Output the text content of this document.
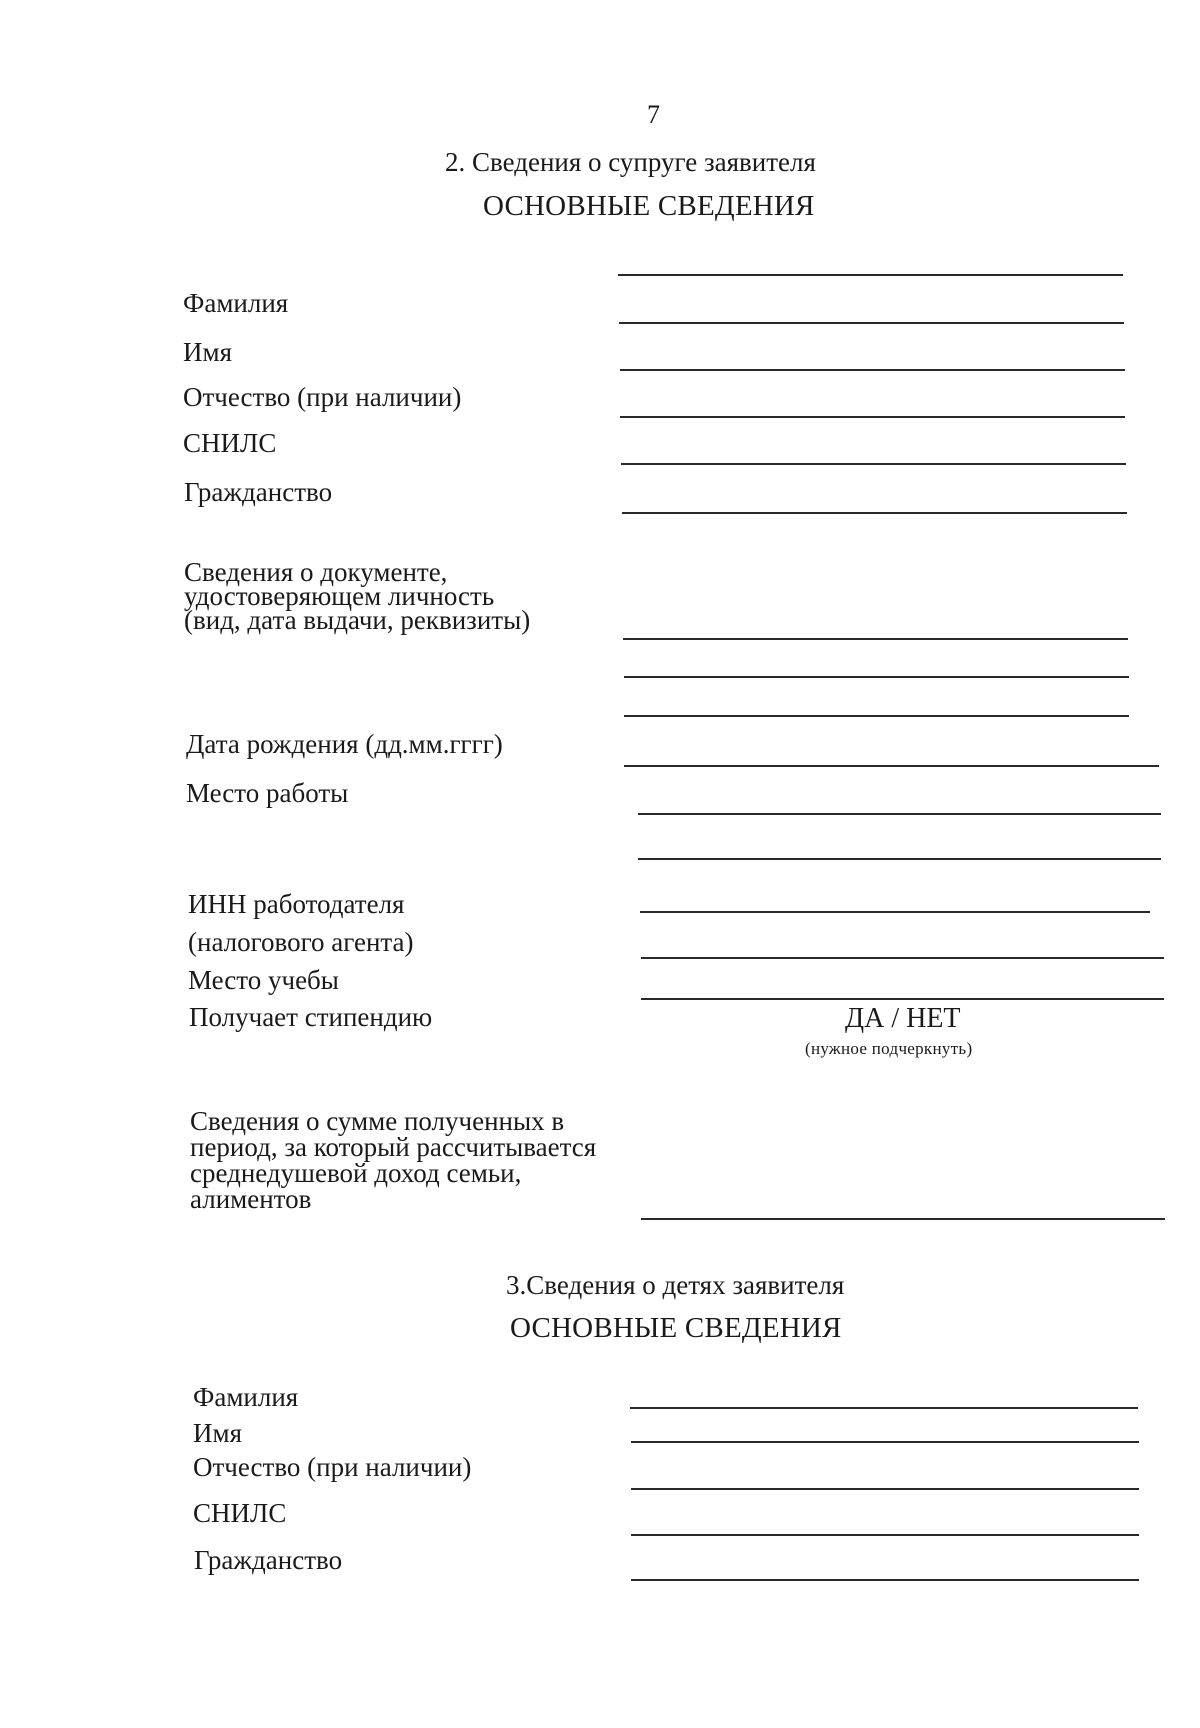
7
2. Сведения о супруге заявителя
ОСНОВНЫЕ СВЕДЕНИЯ
Фамилия
Имя
Отчество (при наличии)
СНИЛС
Гражданство
Сведения о документе,
удостоверяющем личность
(вид, дата выдачи, реквизиты)
Дата рождения (дд.мм.гггг)
Место работы
ИНН работодателя
(налогового агента)
Место учебы
Получает стипендию	ДА / НЕТ
(нужное подчеркнуть)
Сведения о сумме полученных в
период, за который рассчитывается
среднедушевой доход семьи,
алиментов
3.Сведения о детях заявителя
ОСНОВНЫЕ СВЕДЕНИЯ
Фамилия
Имя
Отчество (при наличии)
СНИЛС
Гражданство
